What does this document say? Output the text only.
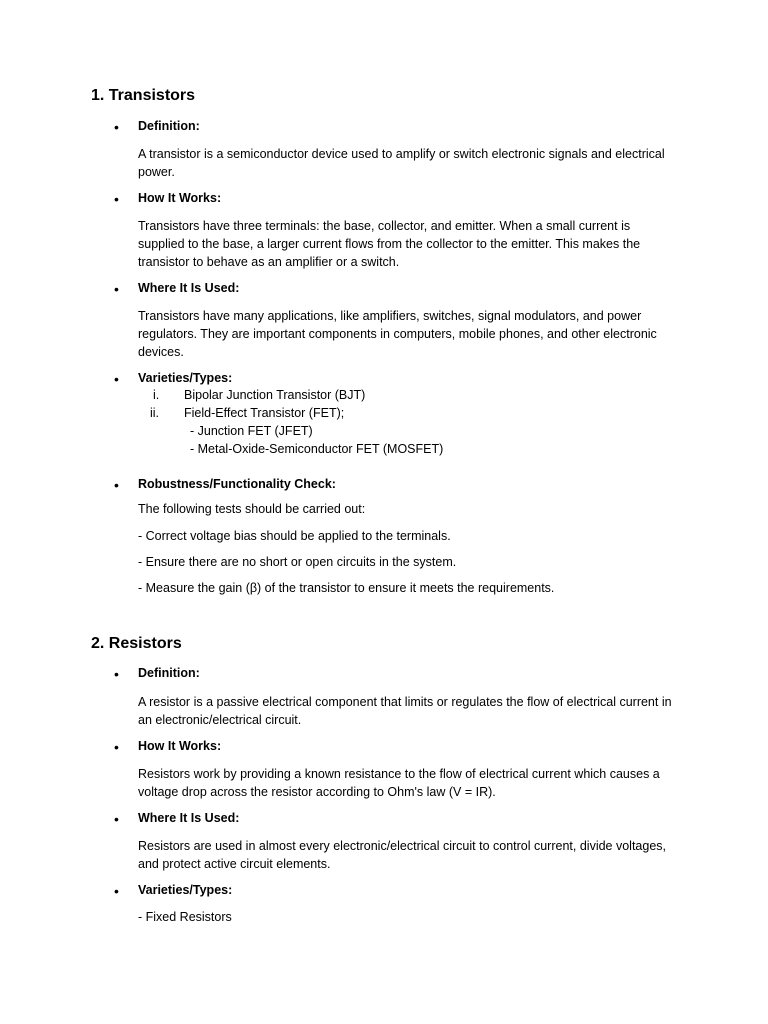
1. Transistors
• Definition:
A transistor is a semiconductor device used to amplify or switch electronic signals and electrical power.
• How It Works:
Transistors have three terminals: the base, collector, and emitter. When a small current is supplied to the base, a larger current flows from the collector to the emitter. This makes the transistor to behave as an amplifier or a switch.
• Where It Is Used:
Transistors have many applications, like amplifiers, switches, signal modulators, and power regulators. They are important components in computers, mobile phones, and other electronic devices.
• Varieties/Types:
i. Bipolar Junction Transistor (BJT)
ii. Field-Effect Transistor (FET);
- Junction FET (JFET)
- Metal-Oxide-Semiconductor FET (MOSFET)
• Robustness/Functionality Check:
The following tests should be carried out:
- Correct voltage bias should be applied to the terminals.
- Ensure there are no short or open circuits in the system.
- Measure the gain (β) of the transistor to ensure it meets the requirements.
2. Resistors
• Definition:
A resistor is a passive electrical component that limits or regulates the flow of electrical current in an electronic/electrical circuit.
• How It Works:
Resistors work by providing a known resistance to the flow of electrical current which causes a voltage drop across the resistor according to Ohm's law (V = IR).
• Where It Is Used:
Resistors are used in almost every electronic/electrical circuit to control current, divide voltages, and protect active circuit elements.
• Varieties/Types:
- Fixed Resistors
